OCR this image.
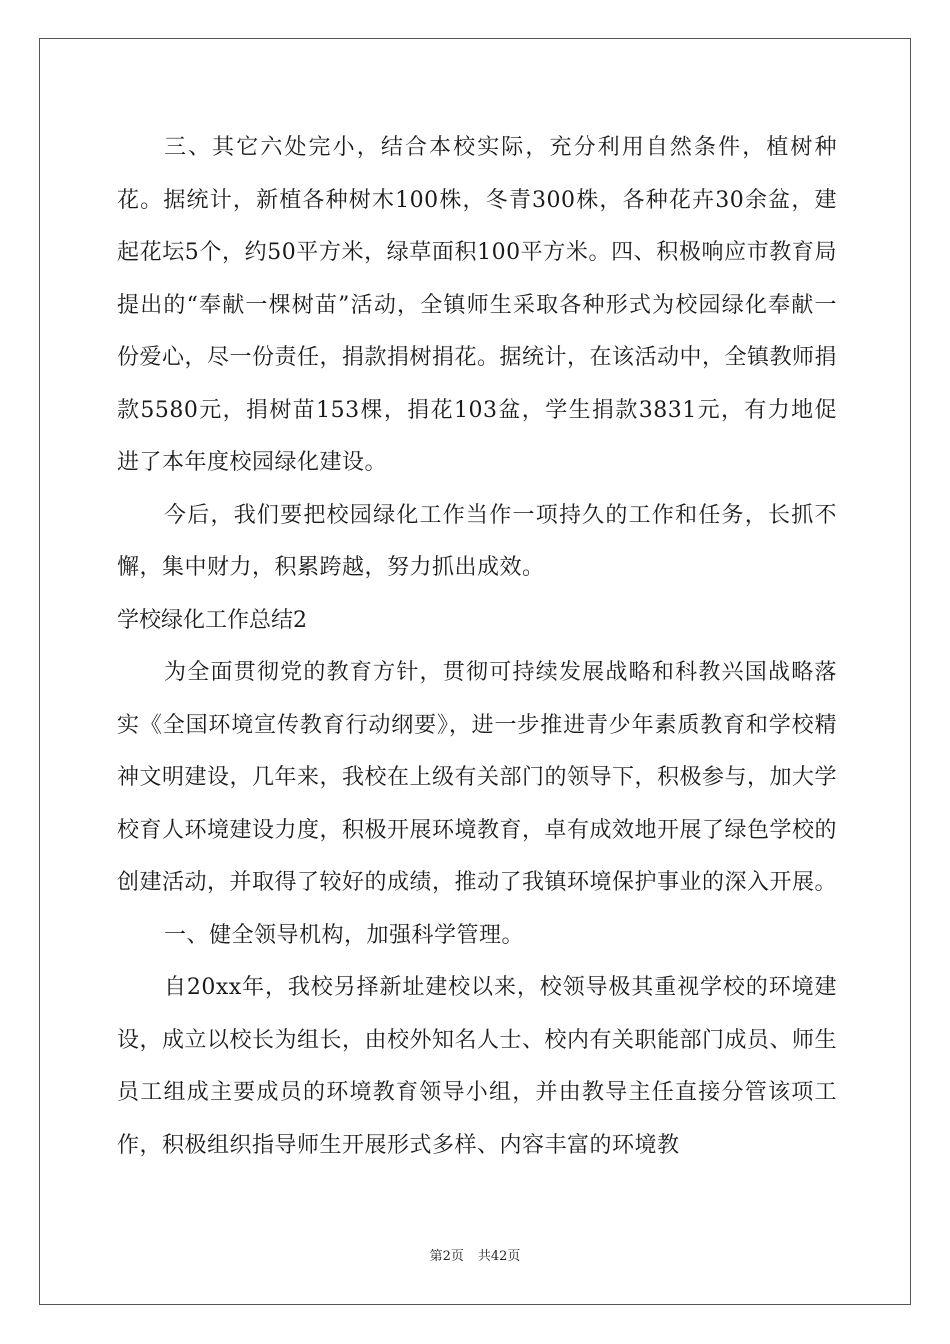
三、其它六处完小，结合本校实际，充分利用自然条件，植树种花。据统计，新植各种树木100株，冬青300株，各种花卉30余盆，建起花坛5个，约50平方米，绿草面积100平方米。四、积极响应市教育局提出的“奉献一棵树苗”活动，全镇师生采取各种形式为校园绿化奉献一份爱心，尽一份责任，捐款捐树捐花。据统计，在该活动中，全镇教师捐款5580元，捐树苗153棵，捐花103盆，学生捐款3831元，有力地促进了本年度校园绿化建设。

今后，我们要把校园绿化工作当作一项持久的工作和任务，长抓不懈，集中财力，积累跨越，努力抓出成效。

学校绿化工作总结2

为全面贯彻党的教育方针，贯彻可持续发展战略和科教兴国战略落实《全国环境宣传教育行动纲要》，进一步推进青少年素质教育和学校精神文明建设，几年来，我校在上级有关部门的领导下，积极参与，加大学校育人环境建设力度，积极开展环境教育，卓有成效地开展了绿色学校的创建活动，并取得了较好的成绩，推动了我镇环境保护事业的深入开展。

一、健全领导机构，加强科学管理。

自20xx年，我校另择新址建校以来，校领导极其重视学校的环境建设，成立以校长为组长，由校外知名人士、校内有关职能部门成员、师生员工组成主要成员的环境教育领导小组，并由教导主任直接分管该项工作，积极组织指导师生开展形式多样、内容丰富的环境教

第2页 共42页
